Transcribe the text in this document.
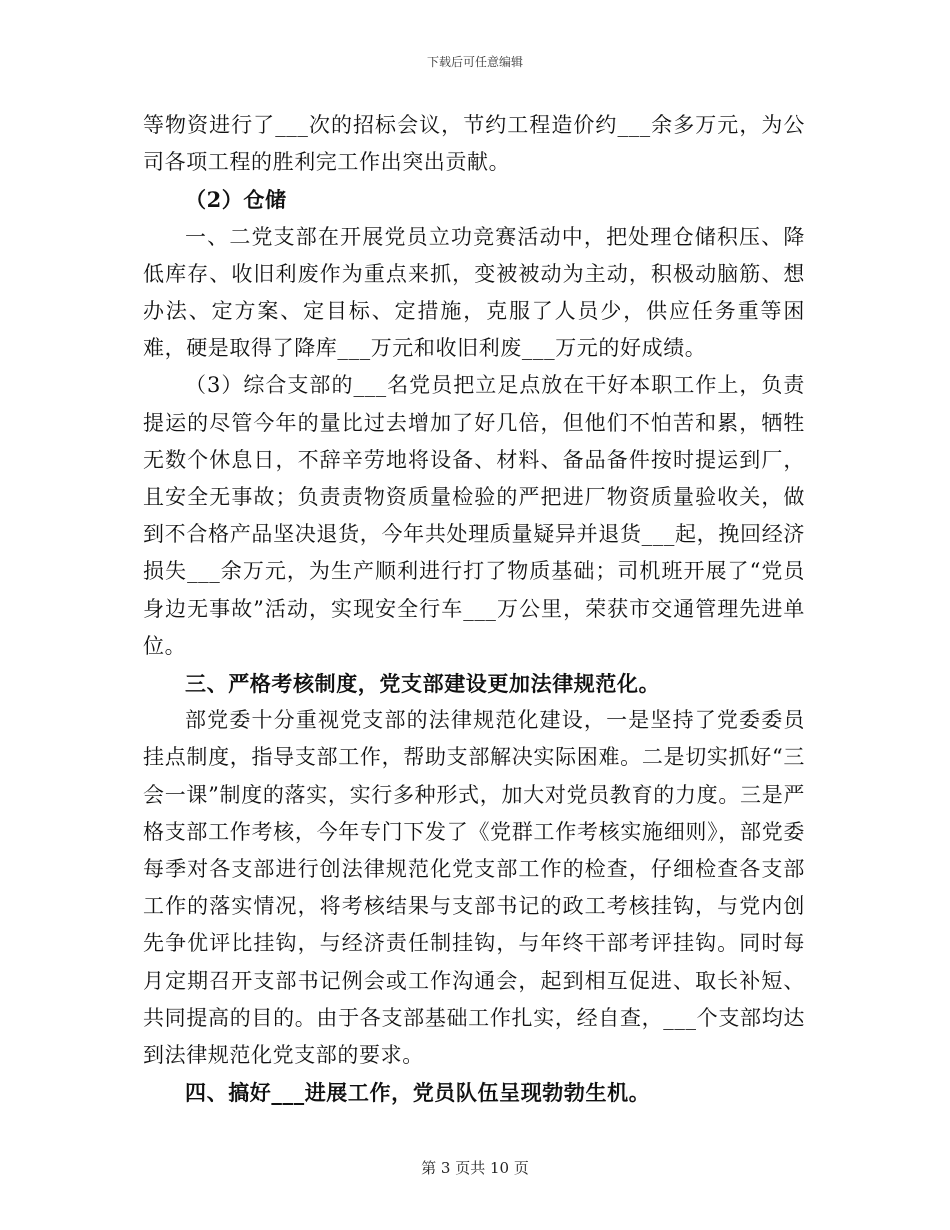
下载后可任意编辑

等物资进行了___次的招标会议，节约工程造价约___余多万元，为公司各项工程的胜利完工作出突出贡献。

（2）仓储

一、二党支部在开展党员立功竞赛活动中，把处理仓储积压、降低库存、收旧利废作为重点来抓，变被被动为主动，积极动脑筋、想办法、定方案、定目标、定措施，克服了人员少，供应任务重等困难，硬是取得了降库___万元和收旧利废___万元的好成绩。

（3）综合支部的___名党员把立足点放在干好本职工作上，负责提运的尽管今年的量比过去增加了好几倍，但他们不怕苦和累，牺牲无数个休息日，不辞辛劳地将设备、材料、备品备件按时提运到厂，且安全无事故；负责责物资质量检验的严把进厂物资质量验收关，做到不合格产品坚决退货，今年共处理质量疑异并退货___起，挽回经济损失___余万元，为生产顺利进行打了物质基础；司机班开展了“党员身边无事故”活动，实现安全行车___万公里，荣获市交通管理先进单位。

三、严格考核制度，党支部建设更加法律规范化。

部党委十分重视党支部的法律规范化建设，一是坚持了党委委员挂点制度，指导支部工作，帮助支部解决实际困难。二是切实抓好“三会一课”制度的落实，实行多种形式，加大对党员教育的力度。三是严格支部工作考核，今年专门下发了《党群工作考核实施细则》，部党委每季对各支部进行创法律规范化党支部工作的检查，仔细检查各支部工作的落实情况，将考核结果与支部书记的政工考核挂钩，与党内创先争优评比挂钩，与经济责任制挂钩，与年终干部考评挂钩。同时每月定期召开支部书记例会或工作沟通会，起到相互促进、取长补短、共同提高的目的。由于各支部基础工作扎实，经自查，___个支部均达到法律规范化党支部的要求。

四、搞好___进展工作，党员队伍呈现勃勃生机。

第 3 页共 10 页
